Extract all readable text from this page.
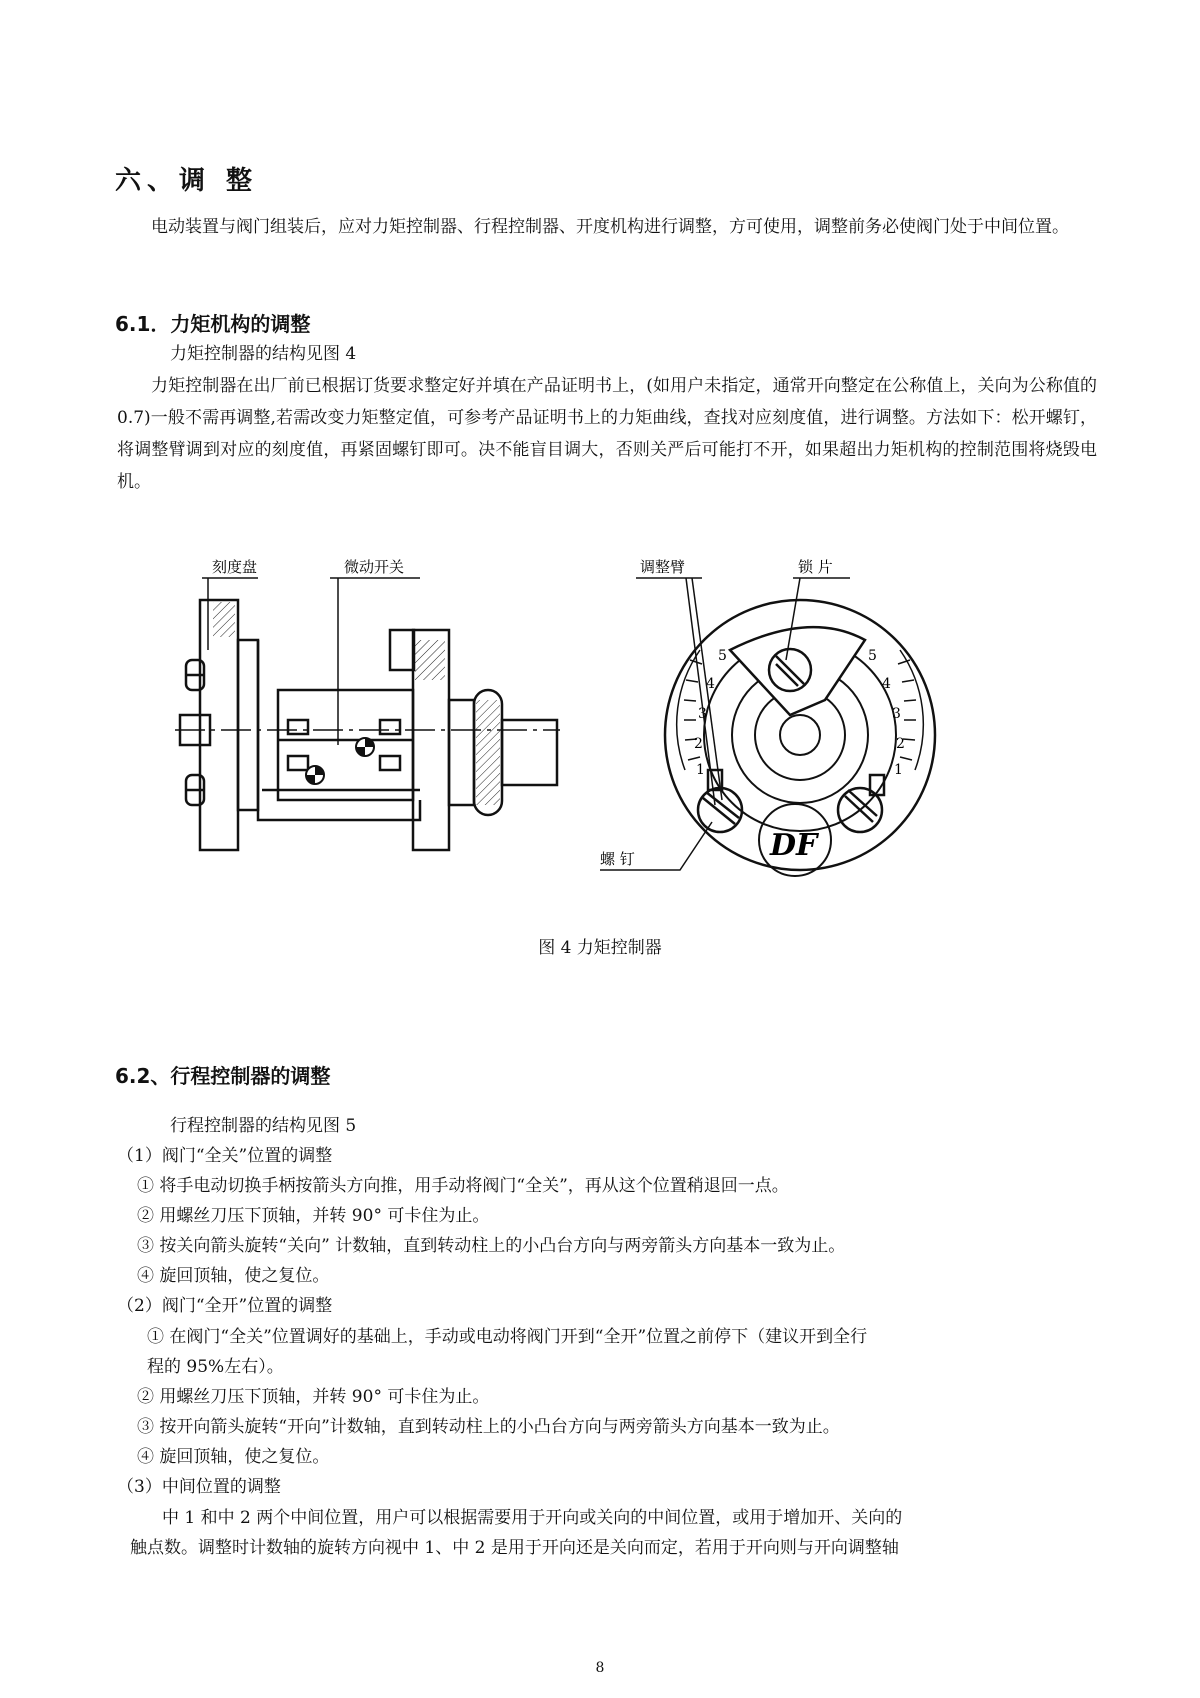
六、调 整
电动装置与阀门组装后，应对力矩控制器、行程控制器、开度机构进行调整，方可使用，调整前务必使阀门处于中间位置。
6.1．力矩机构的调整
力矩控制器的结构见图 4
力矩控制器在出厂前已根据订货要求整定好并填在产品证明书上，(如用户未指定，通常开向整定在公称值上，关向为公称值的 0.7)一般不需再调整,若需改变力矩整定值，可参考产品证明书上的力矩曲线，查找对应刻度值，进行调整。方法如下：松开螺钉，将调整臂调到对应的刻度值，再紧固螺钉即可。决不能盲目调大，否则关严后可能打不开，如果超出力矩机构的控制范围将烧毁电机。
刻度盘	微动开关
5
4
3
2
1
5
4
3
2
1
DF
调整臂	锁 片
螺 钉
图 4 力矩控制器
6.2、行程控制器的调整
行程控制器的结构见图 5
（1）阀门“全关”位置的调整
① 将手电动切换手柄按箭头方向推，用手动将阀门“全关”，再从这个位置稍退回一点。
② 用螺丝刀压下顶轴，并转 90° 可卡住为止。
③ 按关向箭头旋转“关向” 计数轴，直到转动柱上的小凸台方向与两旁箭头方向基本一致为止。
④ 旋回顶轴，使之复位。
（2）阀门“全开”位置的调整
① 在阀门“全关”位置调好的基础上，手动或电动将阀门开到“全开”位置之前停下（建议开到全行
程的 95%左右）。
② 用螺丝刀压下顶轴，并转 90° 可卡住为止。
③ 按开向箭头旋转“开向”计数轴，直到转动柱上的小凸台方向与两旁箭头方向基本一致为止。
④ 旋回顶轴，使之复位。
（3）中间位置的调整
中 1 和中 2 两个中间位置，用户可以根据需要用于开向或关向的中间位置，或用于增加开、关向的
触点数。调整时计数轴的旋转方向视中 1、中 2 是用于开向还是关向而定，若用于开向则与开向调整轴
8
